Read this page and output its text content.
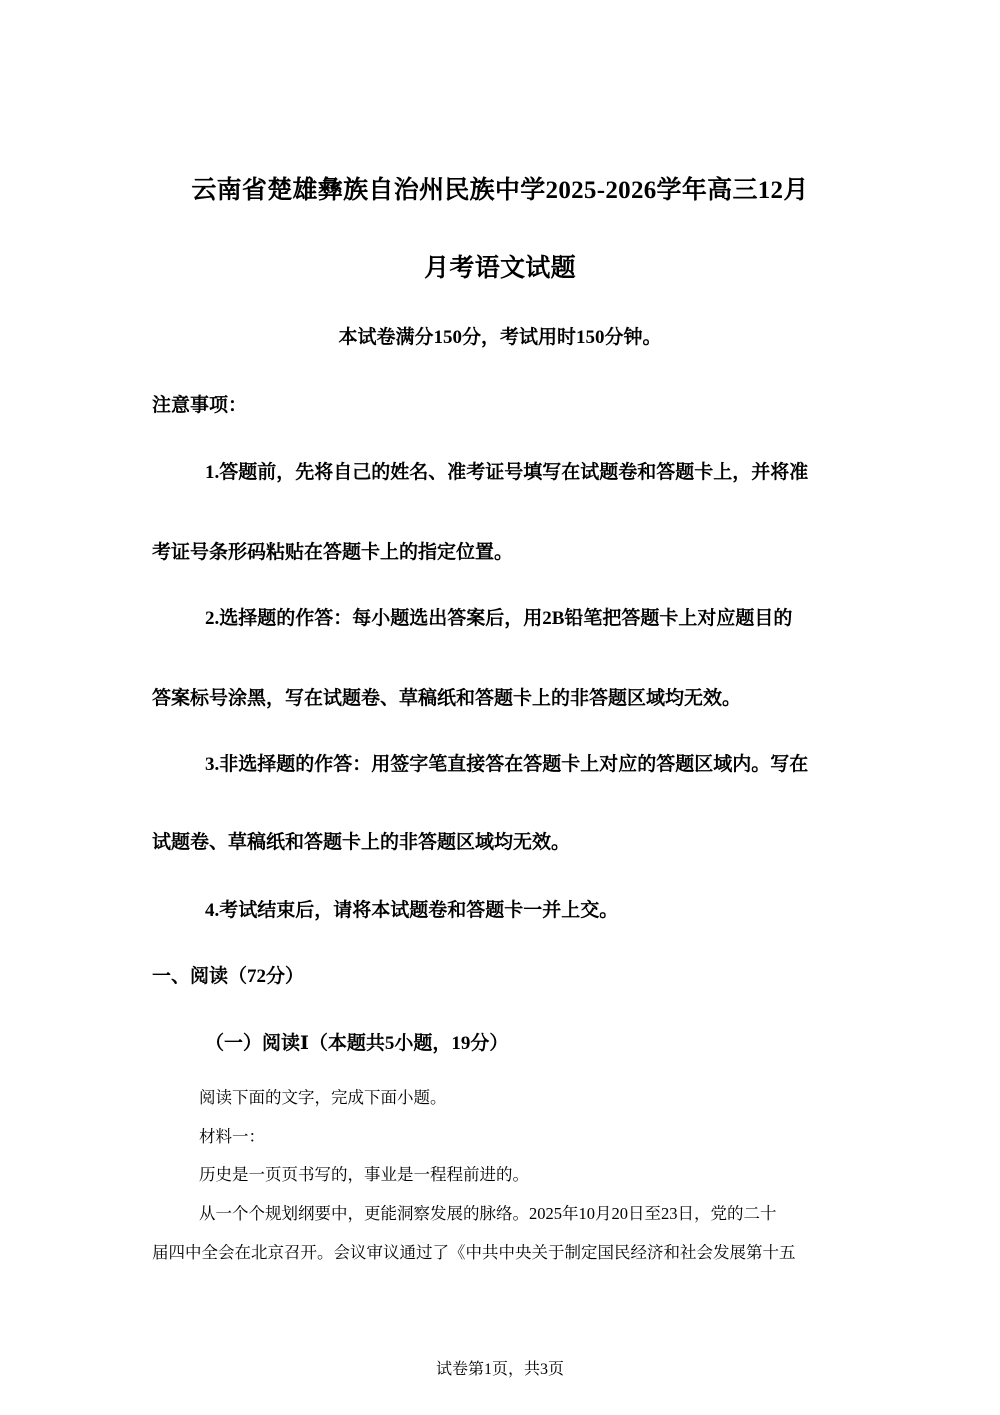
云南省楚雄彝族自治州民族中学2025-2026学年高三12月
月考语文试题
本试卷满分150分，考试用时150分钟。
注意事项：
1.答题前，先将自己的姓名、准考证号填写在试题卷和答题卡上，并将准
考证号条形码粘贴在答题卡上的指定位置。
2.选择题的作答：每小题选出答案后，用2B铅笔把答题卡上对应题目的
答案标号涂黑，写在试题卷、草稿纸和答题卡上的非答题区域均无效。
3.非选择题的作答：用签字笔直接答在答题卡上对应的答题区域内。写在
试题卷、草稿纸和答题卡上的非答题区域均无效。
4.考试结束后，请将本试题卷和答题卡一并上交。
一、阅读（72分）
（一）阅读Ⅰ（本题共5小题，19分）
阅读下面的文字，完成下面小题。
材料一：
历史是一页页书写的，事业是一程程前进的。
从一个个规划纲要中，更能洞察发展的脉络。2025年10月20日至23日，党的二十
届四中全会在北京召开。会议审议通过了《中共中央关于制定国民经济和社会发展第十五
试卷第1页，共3页
